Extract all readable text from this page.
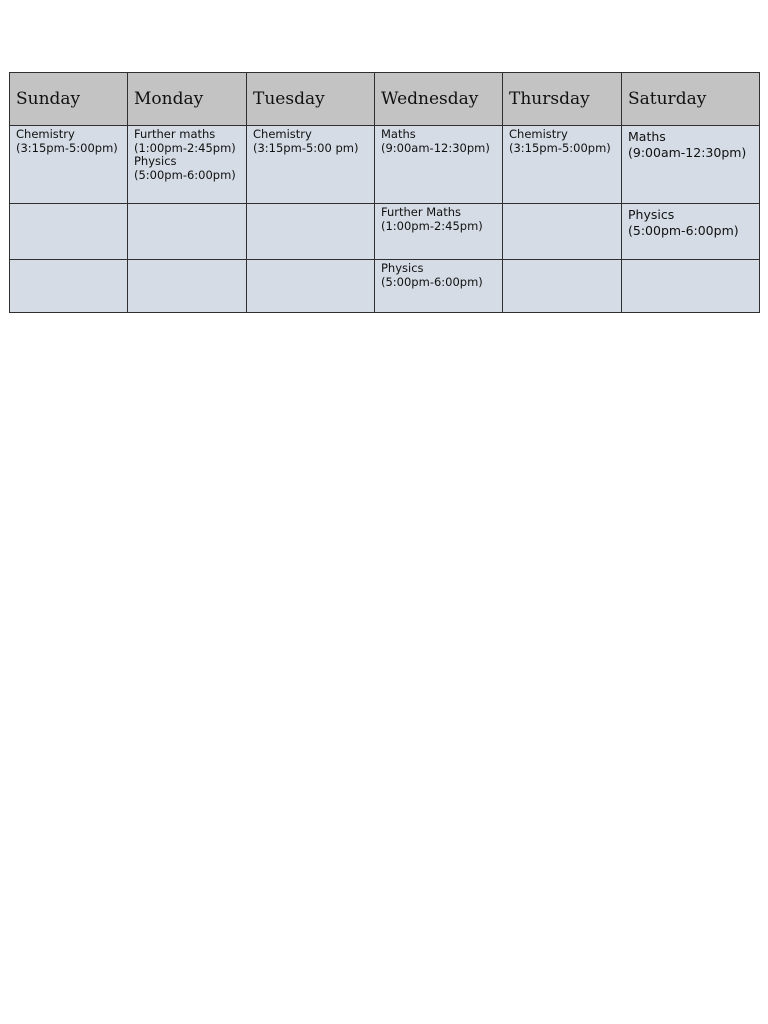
Sunday	Monday	Tuesday	Wednesday	Thursday	Saturday

Chemistry
(3:15pm-5:00pm)	Further maths
(1:00pm-2:45pm)
Physics
(5:00pm-6:00pm)	Chemistry
(3:15pm-5:00 pm)	Maths
(9:00am-12:30pm)	Chemistry
(3:15pm-5:00pm)	Maths
(9:00am-12:30pm)

			Further Maths
(1:00pm-2:45pm)		Physics
(5:00pm-6:00pm)

			Physics
(5:00pm-6:00pm)		
